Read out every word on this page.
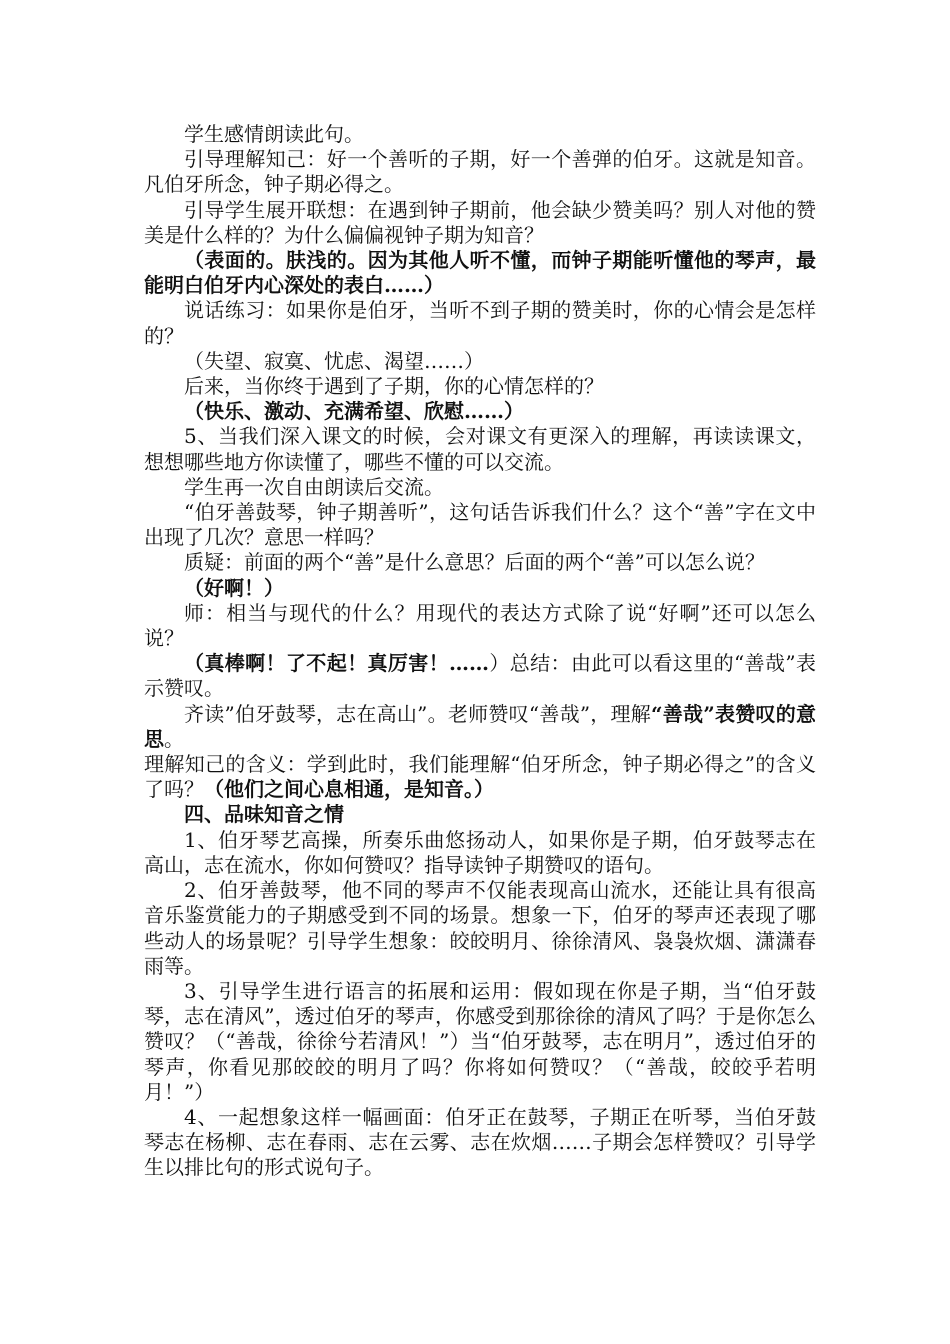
学生感情朗读此句。

引导理解知己：好一个善听的子期，好一个善弹的伯牙。这就是知音。凡伯牙所念，钟子期必得之。

引导学生展开联想：在遇到钟子期前，他会缺少赞美吗？别人对他的赞美是什么样的？为什么偏偏视钟子期为知音？

（表面的。肤浅的。因为其他人听不懂，而钟子期能听懂他的琴声，最能明白伯牙内心深处的表白……）

说话练习：如果你是伯牙，当听不到子期的赞美时，你的心情会是怎样的？

（失望、寂寞、忧虑、渴望……）

后来，当你终于遇到了子期，你的心情怎样的？

（快乐、激动、充满希望、欣慰……）

5、当我们深入课文的时候，会对课文有更深入的理解，再读读课文，想想哪些地方你读懂了，哪些不懂的可以交流。

学生再一次自由朗读后交流。

“伯牙善鼓琴，钟子期善听”，这句话告诉我们什么？这个“善”字在文中出现了几次？意思一样吗？

质疑：前面的两个“善”是什么意思？后面的两个“善”可以怎么说？

（好啊！）

师：相当与现代的什么？用现代的表达方式除了说“好啊”还可以怎么说？

（真棒啊！了不起！真厉害！……）总结：由此可以看这里的“善哉”表示赞叹。

齐读”伯牙鼓琴，志在高山”。老师赞叹“善哉”，理解“善哉”表赞叹的意思。

理解知己的含义：学到此时，我们能理解“伯牙所念，钟子期必得之”的含义了吗？（他们之间心息相通，是知音。）

四、品味知音之情

1、伯牙琴艺高操，所奏乐曲悠扬动人，如果你是子期，伯牙鼓琴志在高山，志在流水，你如何赞叹？指导读钟子期赞叹的语句。

2、伯牙善鼓琴，他不同的琴声不仅能表现高山流水，还能让具有很高音乐鉴赏能力的子期感受到不同的场景。想象一下，伯牙的琴声还表现了哪些动人的场景呢？引导学生想象：皎皎明月、徐徐清风、袅袅炊烟、潇潇春雨等。

3、引导学生进行语言的拓展和运用：假如现在你是子期，当“伯牙鼓琴，志在清风”，透过伯牙的琴声，你感受到那徐徐的清风了吗？于是你怎么赞叹？（“善哉，徐徐兮若清风！”）当“伯牙鼓琴，志在明月”，透过伯牙的琴声，你看见那皎皎的明月了吗？你将如何赞叹？（“善哉，皎皎乎若明月！”）

4、一起想象这样一幅画面：伯牙正在鼓琴，子期正在听琴，当伯牙鼓琴志在杨柳、志在春雨、志在云雾、志在炊烟……子期会怎样赞叹？引导学生以排比句的形式说句子。
